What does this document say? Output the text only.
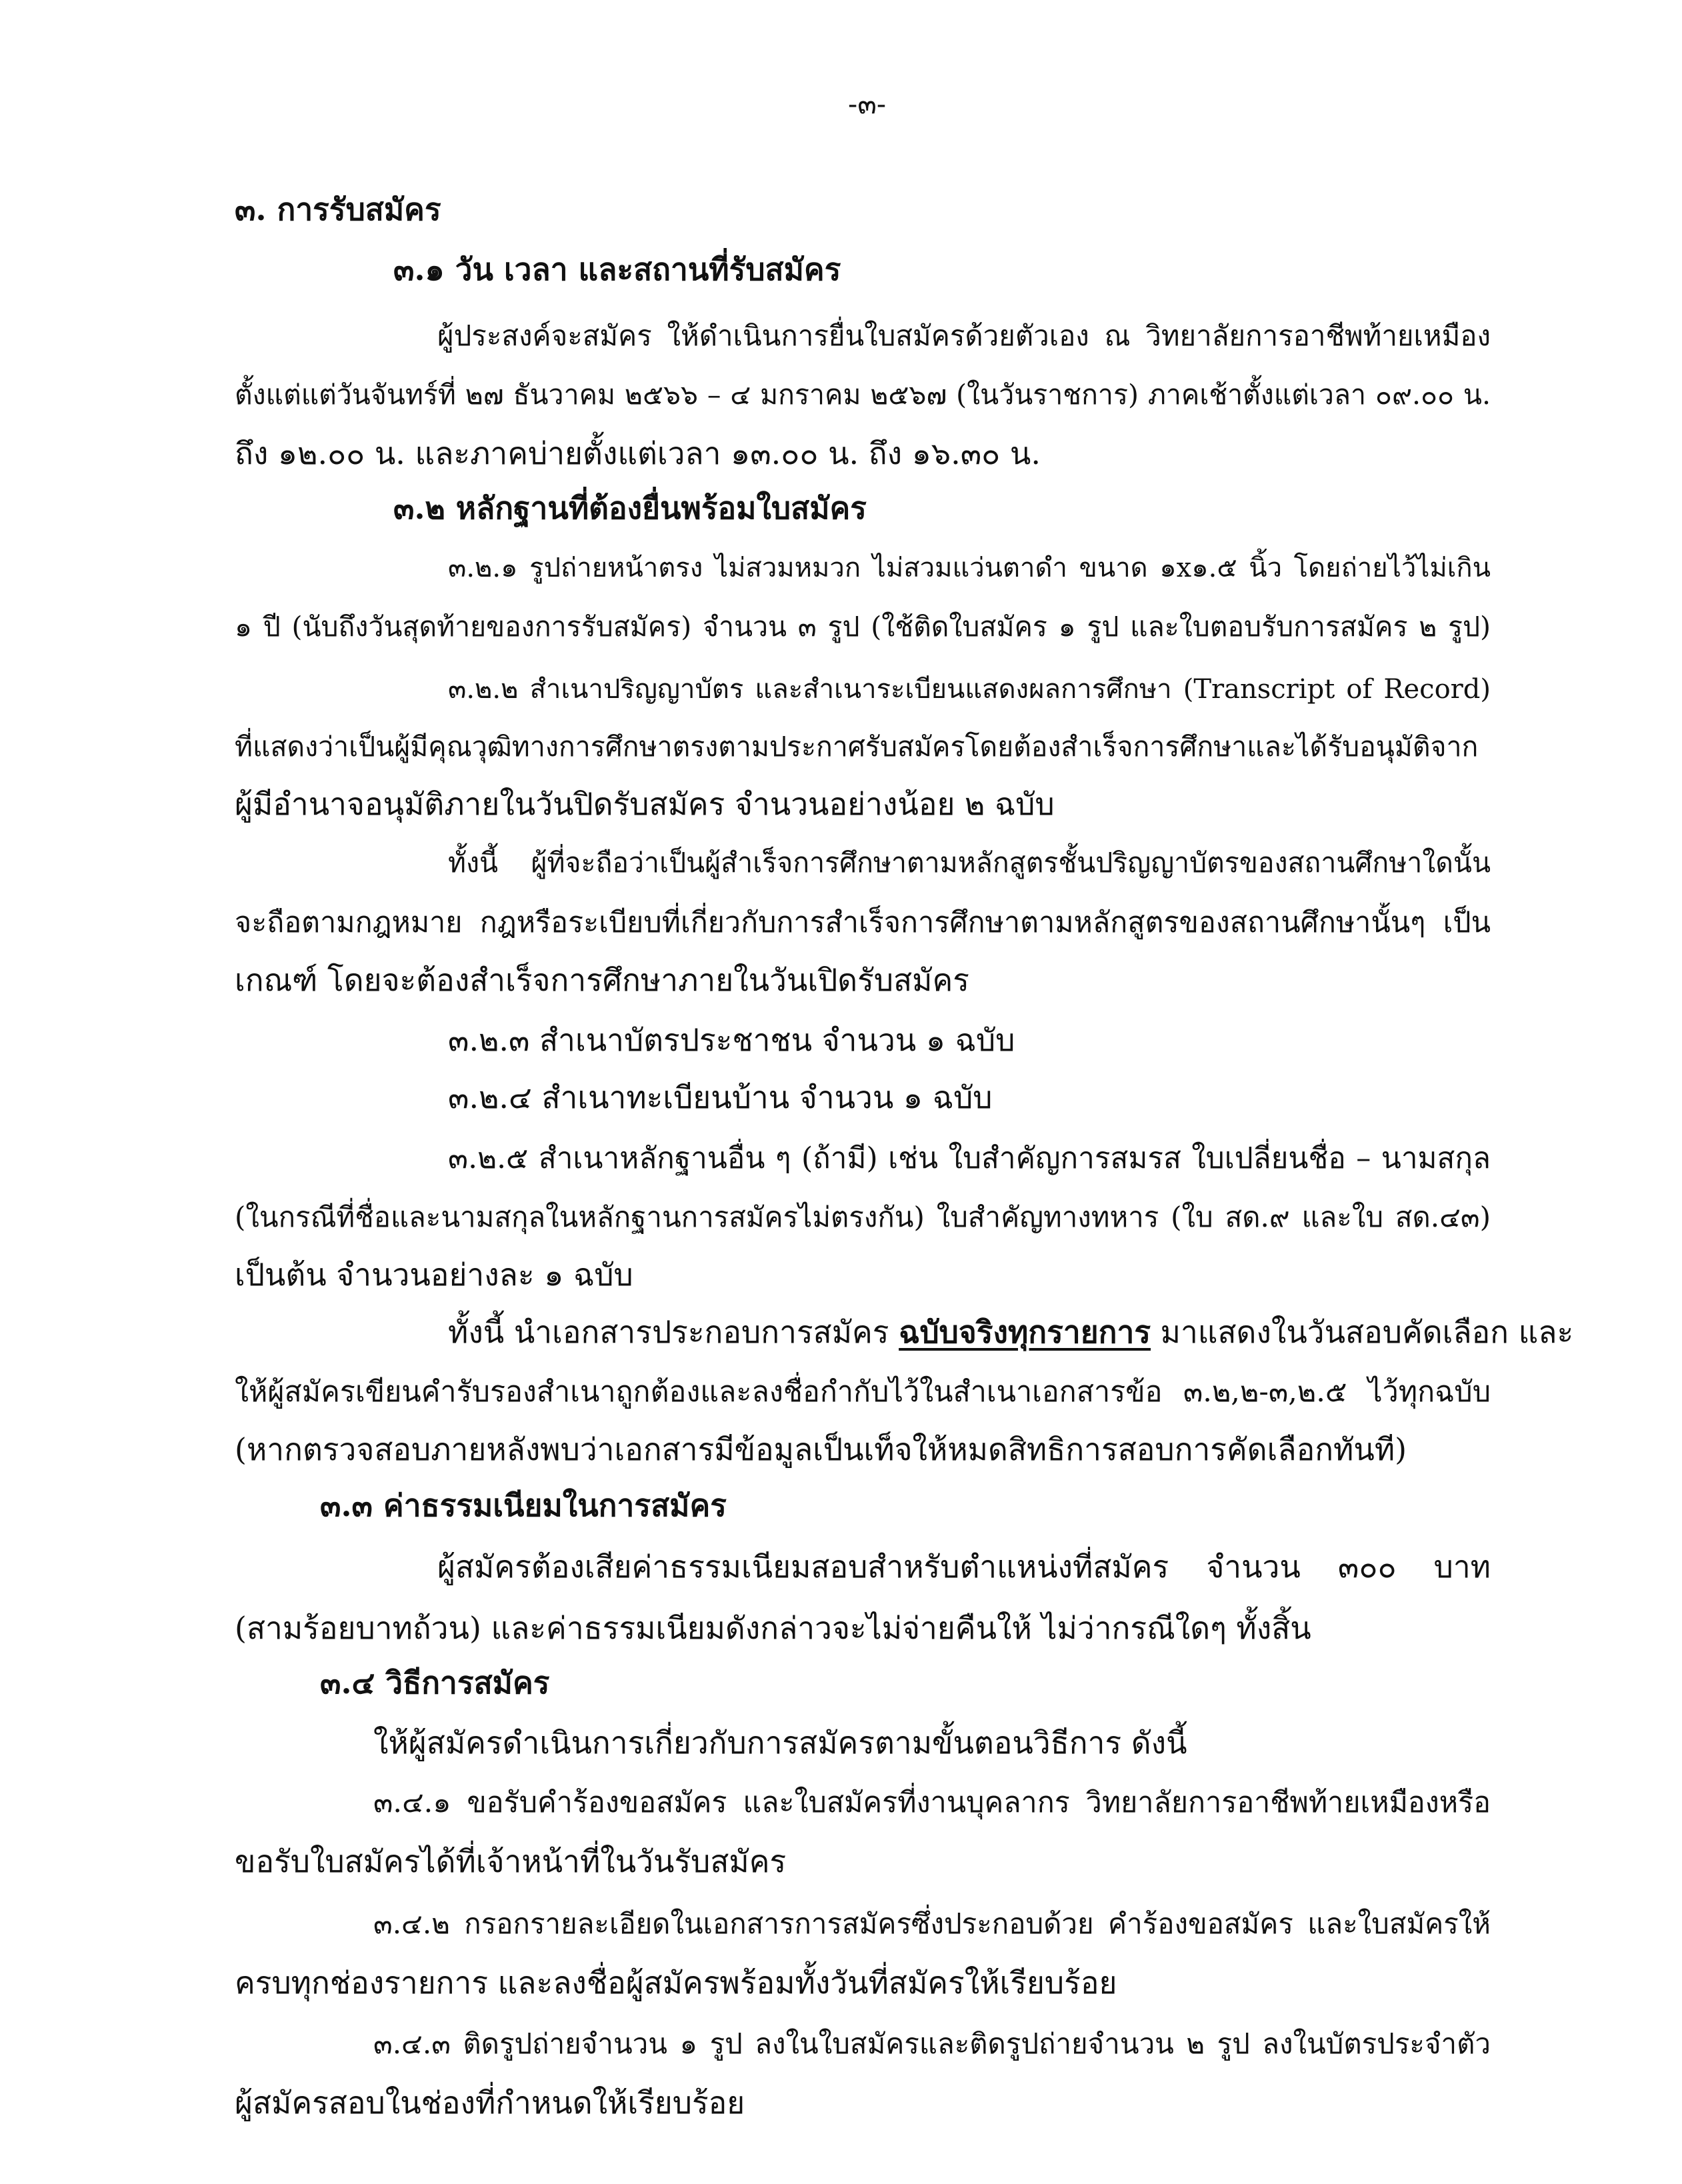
-๓-
๓. การรับสมัคร
๓.๑ วัน เวลา และสถานที่รับสมัคร
ผู้ประสงค์จะสมัคร ให้ดำเนินการยื่นใบสมัครด้วยตัวเอง ณ วิทยาลัยการอาชีพท้ายเหมือง
ตั้งแต่แต่วันจันทร์ที่ ๒๗ ธันวาคม ๒๕๖๖ – ๔ มกราคม ๒๕๖๗ (ในวันราชการ) ภาคเช้าตั้งแต่เวลา ๐๙.๐๐ น.
ถึง ๑๒.๐๐ น. และภาคบ่ายตั้งแต่เวลา ๑๓.๐๐ น. ถึง ๑๖.๓๐ น.
๓.๒ หลักฐานที่ต้องยื่นพร้อมใบสมัคร
๓.๒.๑ รูปถ่ายหน้าตรง ไม่สวมหมวก ไม่สวมแว่นตาดำ ขนาด ๑x๑.๕ นิ้ว โดยถ่ายไว้ไม่เกิน
๑ ปี (นับถึงวันสุดท้ายของการรับสมัคร) จำนวน ๓ รูป (ใช้ติดใบสมัคร ๑ รูป และใบตอบรับการสมัคร ๒ รูป)
๓.๒.๒ สำเนาปริญญาบัตร และสำเนาระเบียนแสดงผลการศึกษา (Transcript of Record)
ที่แสดงว่าเป็นผู้มีคุณวุฒิทางการศึกษาตรงตามประกาศรับสมัครโดยต้องสำเร็จการศึกษาและได้รับอนุมัติจาก
ผู้มีอำนาจอนุมัติภายในวันปิดรับสมัคร จำนวนอย่างน้อย ๒ ฉบับ
ทั้งนี้ ผู้ที่จะถือว่าเป็นผู้สำเร็จการศึกษาตามหลักสูตรชั้นปริญญาบัตรของสถานศึกษาใดนั้น
จะถือตามกฎหมาย กฎหรือระเบียบที่เกี่ยวกับการสำเร็จการศึกษาตามหลักสูตรของสถานศึกษานั้นๆ เป็น
เกณฑ์ โดยจะต้องสำเร็จการศึกษาภายในวันเปิดรับสมัคร
๓.๒.๓ สำเนาบัตรประชาชน จำนวน ๑ ฉบับ
๓.๒.๔ สำเนาทะเบียนบ้าน จำนวน ๑ ฉบับ
๓.๒.๕ สำเนาหลักฐานอื่น ๆ (ถ้ามี) เช่น ใบสำคัญการสมรส ใบเปลี่ยนชื่อ – นามสกุล
(ในกรณีที่ชื่อและนามสกุลในหลักฐานการสมัครไม่ตรงกัน) ใบสำคัญทางทหาร (ใบ สด.๙ และใบ สด.๔๓)
เป็นต้น จำนวนอย่างละ ๑ ฉบับ
ทั้งนี้ นำเอกสารประกอบการสมัคร ฉบับจริงทุกรายการ มาแสดงในวันสอบคัดเลือก และ
ให้ผู้สมัครเขียนคำรับรองสำเนาถูกต้องและลงชื่อกำกับไว้ในสำเนาเอกสารข้อ ๓.๒,๒-๓,๒.๕ ไว้ทุกฉบับ
(หากตรวจสอบภายหลังพบว่าเอกสารมีข้อมูลเป็นเท็จให้หมดสิทธิการสอบการคัดเลือกทันที)
๓.๓ ค่าธรรมเนียมในการสมัคร
ผู้สมัครต้องเสียค่าธรรมเนียมสอบสำหรับตำแหน่งที่สมัคร จำนวน ๓๐๐ บาท
(สามร้อยบาทถ้วน) และค่าธรรมเนียมดังกล่าวจะไม่จ่ายคืนให้ ไม่ว่ากรณีใดๆ ทั้งสิ้น
๓.๔ วิธีการสมัคร
ให้ผู้สมัครดำเนินการเกี่ยวกับการสมัครตามขั้นตอนวิธีการ ดังนี้
๓.๔.๑ ขอรับคำร้องขอสมัคร และใบสมัครที่งานบุคลากร วิทยาลัยการอาชีพท้ายเหมืองหรือ
ขอรับใบสมัครได้ที่เจ้าหน้าที่ในวันรับสมัคร
๓.๔.๒ กรอกรายละเอียดในเอกสารการสมัครซึ่งประกอบด้วย คำร้องขอสมัคร และใบสมัครให้
ครบทุกช่องรายการ และลงชื่อผู้สมัครพร้อมทั้งวันที่สมัครให้เรียบร้อย
๓.๔.๓ ติดรูปถ่ายจำนวน ๑ รูป ลงในใบสมัครและติดรูปถ่ายจำนวน ๒ รูป ลงในบัตรประจำตัว
ผู้สมัครสอบในช่องที่กำหนดให้เรียบร้อย
